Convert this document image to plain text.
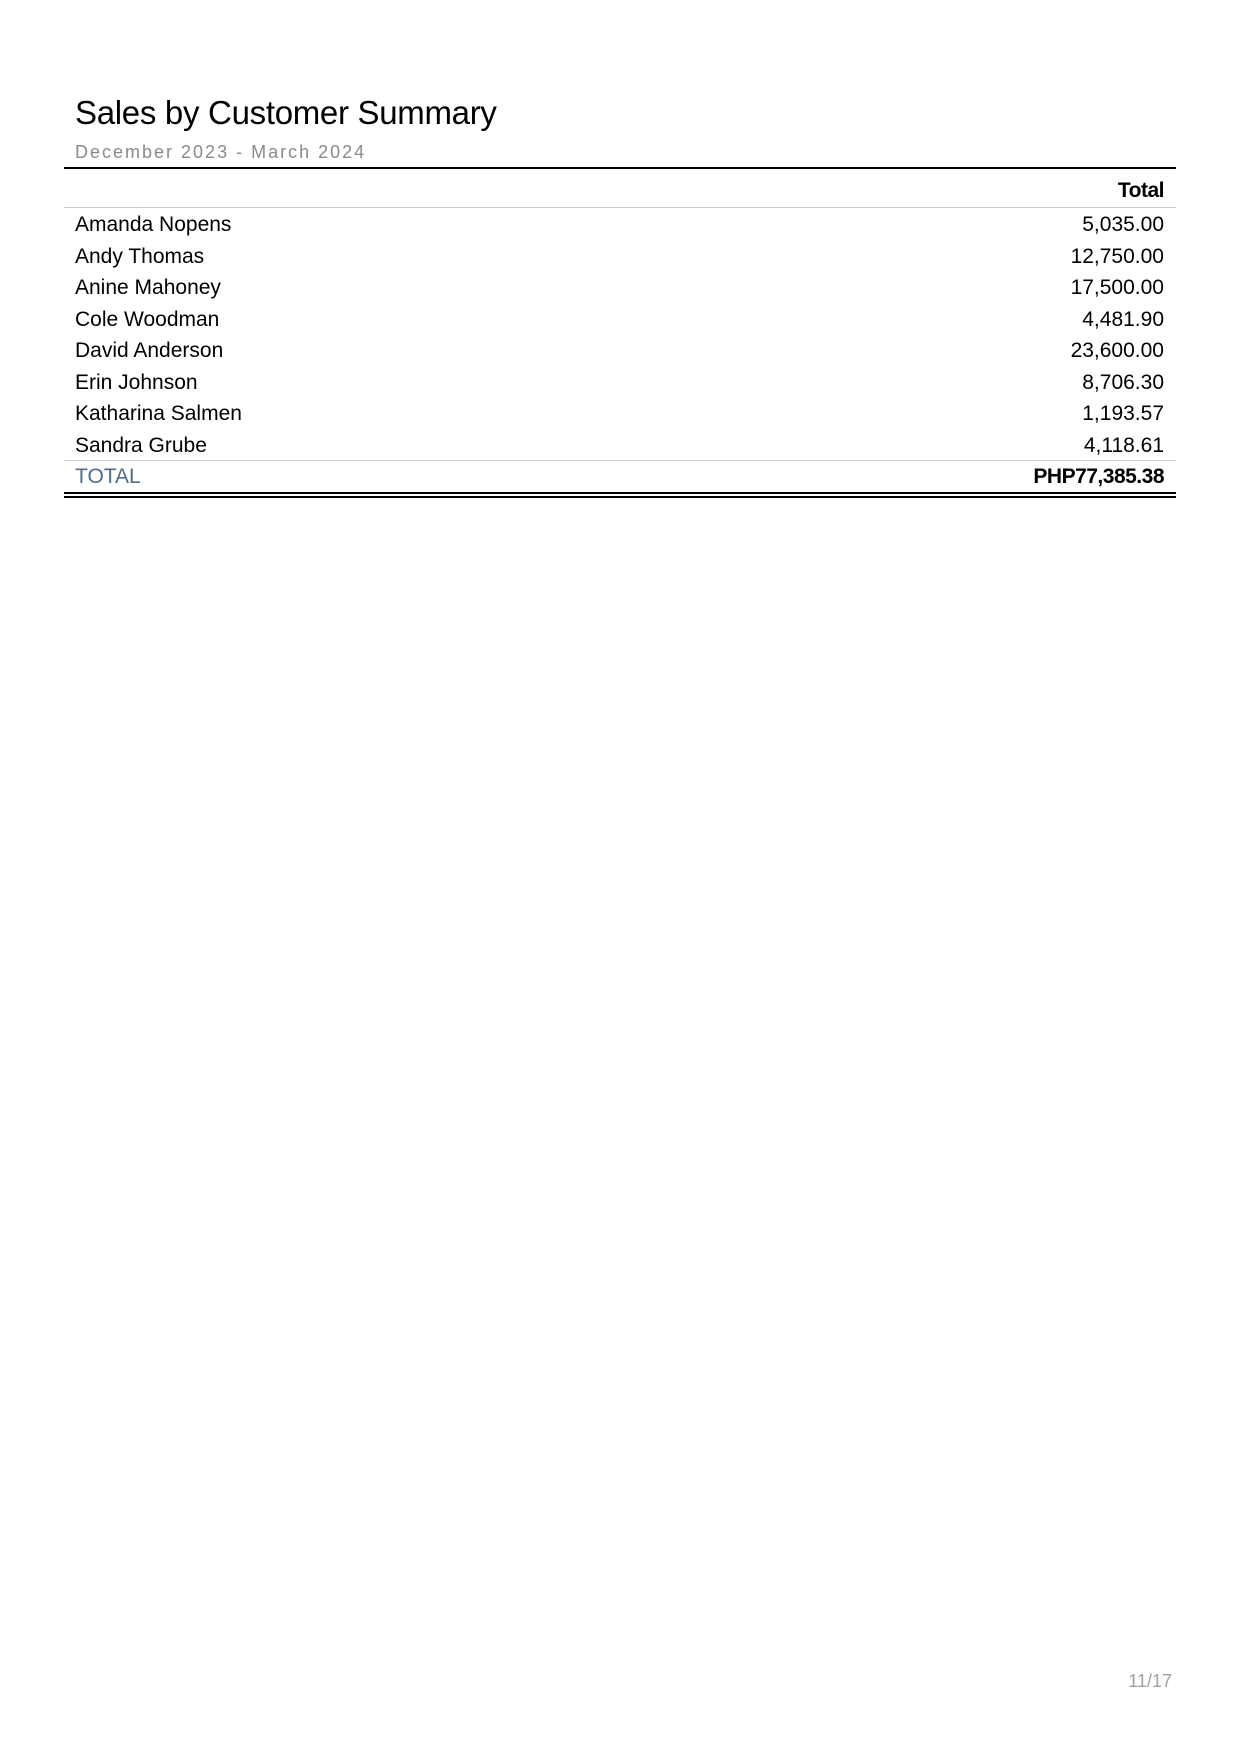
Sales by Customer Summary
December 2023 - March 2024
Total
Amanda Nopens	5,035.00
Andy Thomas	12,750.00
Anine Mahoney	17,500.00
Cole Woodman	4,481.90
David Anderson	23,600.00
Erin Johnson	8,706.30
Katharina Salmen	1,193.57
Sandra Grube	4,118.61
TOTAL	PHP77,385.38
11/17
